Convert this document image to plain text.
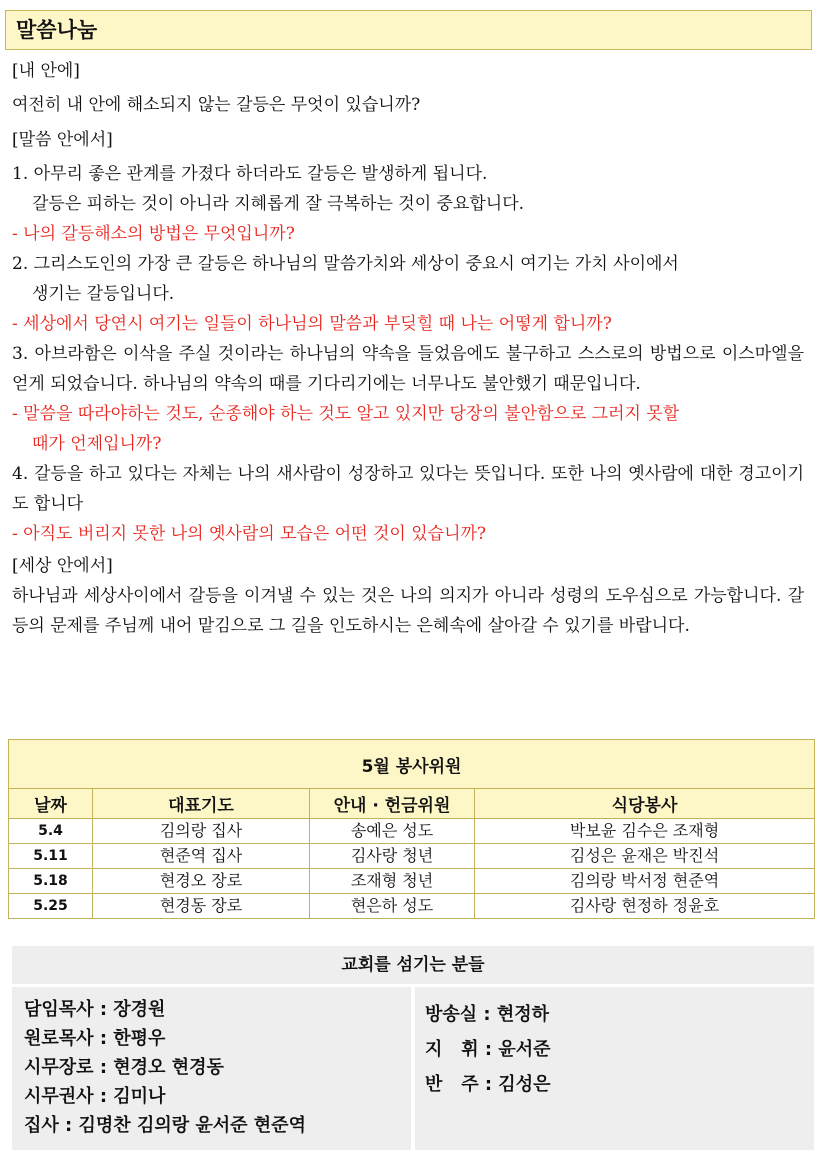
말씀나눔

[내 안에]

여전히 내 안에 해소되지 않는 갈등은 무엇이 있습니까?

[말씀 안에서]

1. 아무리 좋은 관계를 가졌다 하더라도 갈등은 발생하게 됩니다.

갈등은 피하는 것이 아니라 지혜롭게 잘 극복하는 것이 중요합니다.

- 나의 갈등해소의 방법은 무엇입니까?

2. 그리스도인의 가장 큰 갈등은 하나님의 말씀가치와 세상이 중요시 여기는 가치 사이에서

생기는 갈등입니다.

- 세상에서 당연시 여기는 일들이 하나님의 말씀과 부딪힐 때 나는 어떻게 합니까?

3. 아브라함은 이삭을 주실 것이라는 하나님의 약속을 들었음에도 불구하고 스스로의 방법으로 이스마엘을 얻게 되었습니다. 하나님의 약속의 때를 기다리기에는 너무나도 불안했기 때문입니다.

- 말씀을 따라야하는 것도, 순종해야 하는 것도 알고 있지만 당장의 불안함으로 그러지 못할

때가 언제입니까?

4. 갈등을 하고 있다는 자체는 나의 새사람이 성장하고 있다는 뜻입니다. 또한 나의 옛사람에 대한 경고이기도 합니다

- 아직도 버리지 못한 나의 옛사람의 모습은 어떤 것이 있습니까?

[세상 안에서]

하나님과 세상사이에서 갈등을 이겨낼 수 있는 것은 나의 의지가 아니라 성령의 도우심으로 가능합니다. 갈등의 문제를 주님께 내어 맡김으로 그 길을 인도하시는 은혜속에 살아갈 수 있기를 바랍니다.

5월 봉사위원			
날짜	대표기도	안내 · 헌금위원	식당봉사
5.4	김의랑 집사	송예은 성도	박보윤 김수은 조재형
5.11	현준역 집사	김사랑 청년	김성은 윤재은 박진석
5.18	현경오 장로	조재형 청년	김의랑 박서정 현준역
5.25	현경동 장로	현은하 성도	김사랑 현정하 정윤호
교회를 섬기는 분들

담임목사 : 장경원

원로목사 : 한평우

시무장로 : 현경오 현경동

시무권사 : 김미나

집사 : 김명찬 김의랑 윤서준 현준역

방송실 : 현정하

지   휘 : 윤서준

반   주 : 김성은
